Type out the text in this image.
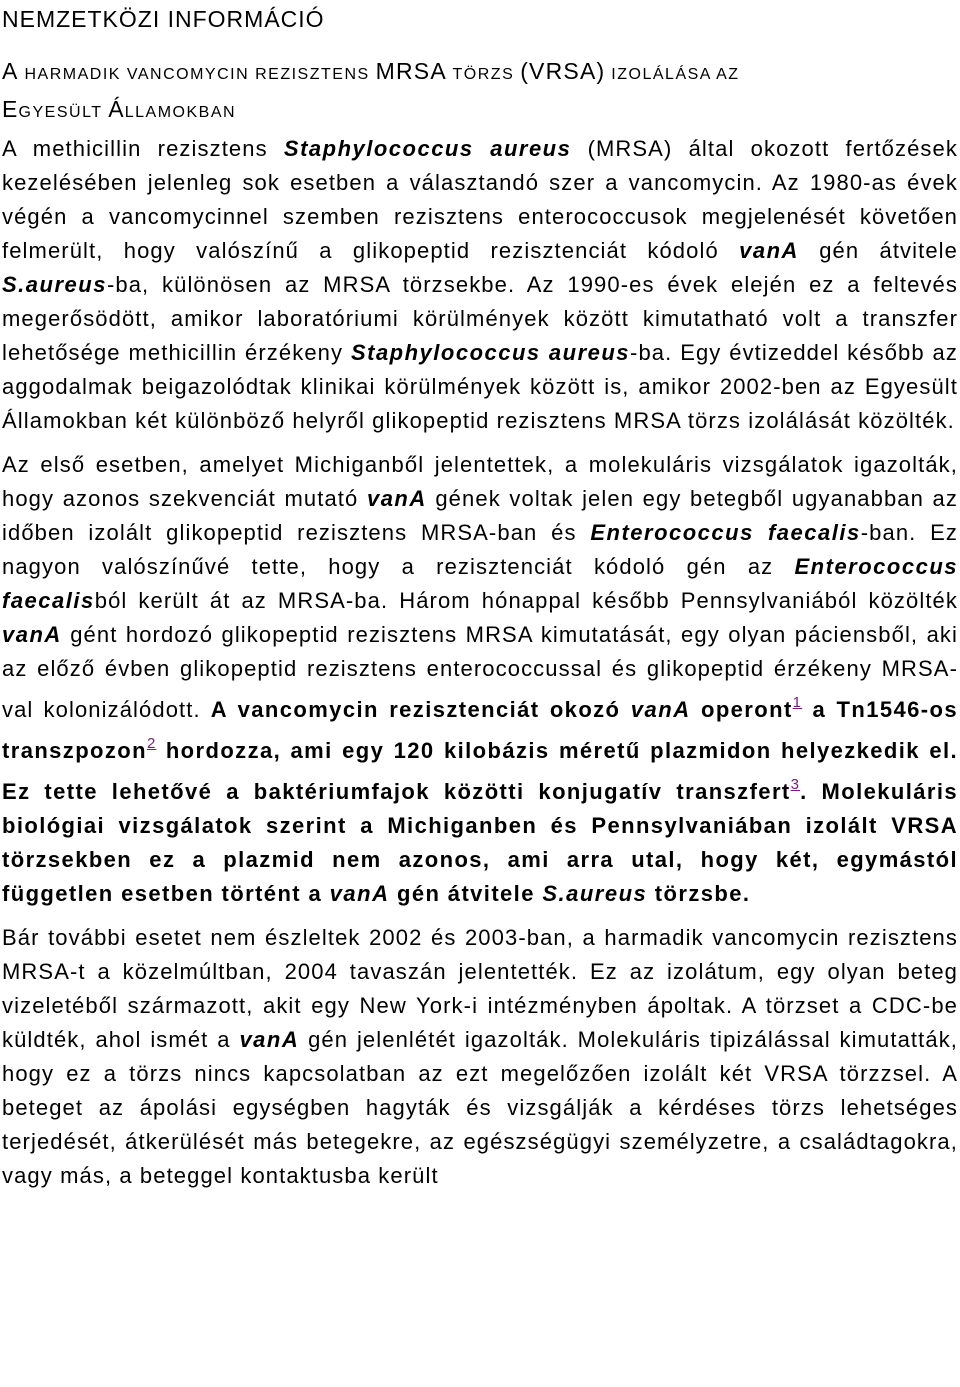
NEMZETKÖZI INFORMÁCIÓ
A HARMADIK VANCOMYCIN REZISZTENS MRSA TÖRZS (VRSA) IZOLÁLÁSA AZ
EGYESÜLT ÁLLAMOKBAN

A methicillin rezisztens Staphylococcus aureus (MRSA) által okozott fertőzések kezelésében jelenleg sok esetben a választandó szer a vancomycin. Az 1980-as évek végén a vancomycinnel szemben rezisztens enterococcusok megjelenését követően felmerült, hogy valószínű a glikopeptid rezisztenciát kódoló vanA gén átvitele S.aureus-ba, különösen az MRSA törzsekbe. Az 1990-es évek elején ez a feltevés megerősödött, amikor laboratóriumi körülmények között kimutatható volt a transzfer lehetősége methicillin érzékeny Staphylococcus aureus-ba. Egy évtizeddel később az aggodalmak beigazolódtak klinikai körülmények között is, amikor 2002-ben az Egyesült Államokban két különböző helyről glikopeptid rezisztens MRSA törzs izolálását közölték.

Az első esetben, amelyet Michiganből jelentettek, a molekuláris vizsgálatok igazolták, hogy azonos szekvenciát mutató vanA gének voltak jelen egy betegből ugyanabban az időben izolált glikopeptid rezisztens MRSA-ban és Enterococcus faecalis-ban. Ez nagyon valószínűvé tette, hogy a rezisztenciát kódoló gén az Enterococcus faecalisból került át az MRSA-ba. Három hónappal később Pennsylvaniából közölték vanA gént hordozó glikopeptid rezisztens MRSA kimutatását, egy olyan páciensből, aki az előző évben glikopeptid rezisztens enterococcussal és glikopeptid érzékeny MRSA-val kolonizálódott. A vancomycin rezisztenciát okozó vanA operont$^1$ a Tn1546-os transzpozon$^2$ hordozza, ami egy 120 kilobázis méretű plazmidon helyezkedik el. Ez tette lehetővé a baktériumfajok közötti konjugatív transzfert$^3$. Molekuláris biológiai vizsgálatok szerint a Michiganben és Pennsylvaniában izolált VRSA törzsekben ez a plazmid nem azonos, ami arra utal, hogy két, egymástól független esetben történt a vanA gén átvitele S.aureus törzsbe.

Bár további esetet nem észleltek 2002 és 2003-ban, a harmadik vancomycin rezisztens MRSA-t a közelmúltban, 2004 tavaszán jelentették. Ez az izolátum, egy olyan beteg vizeletéből származott, akit egy New York-i intézményben ápoltak. A törzset a CDC-be küldték, ahol ismét a vanA gén jelenlétét igazolták. Molekuláris tipizálással kimutatták, hogy ez a törzs nincs kapcsolatban az ezt megelőzően izolált két VRSA törzzsel. A beteget az ápolási egységben hagyták és vizsgálják a kérdéses törzs lehetséges terjedését, átkerülését más betegekre, az egészségügyi személyzetre, a családtagokra, vagy más, a beteggel kontaktusba került
